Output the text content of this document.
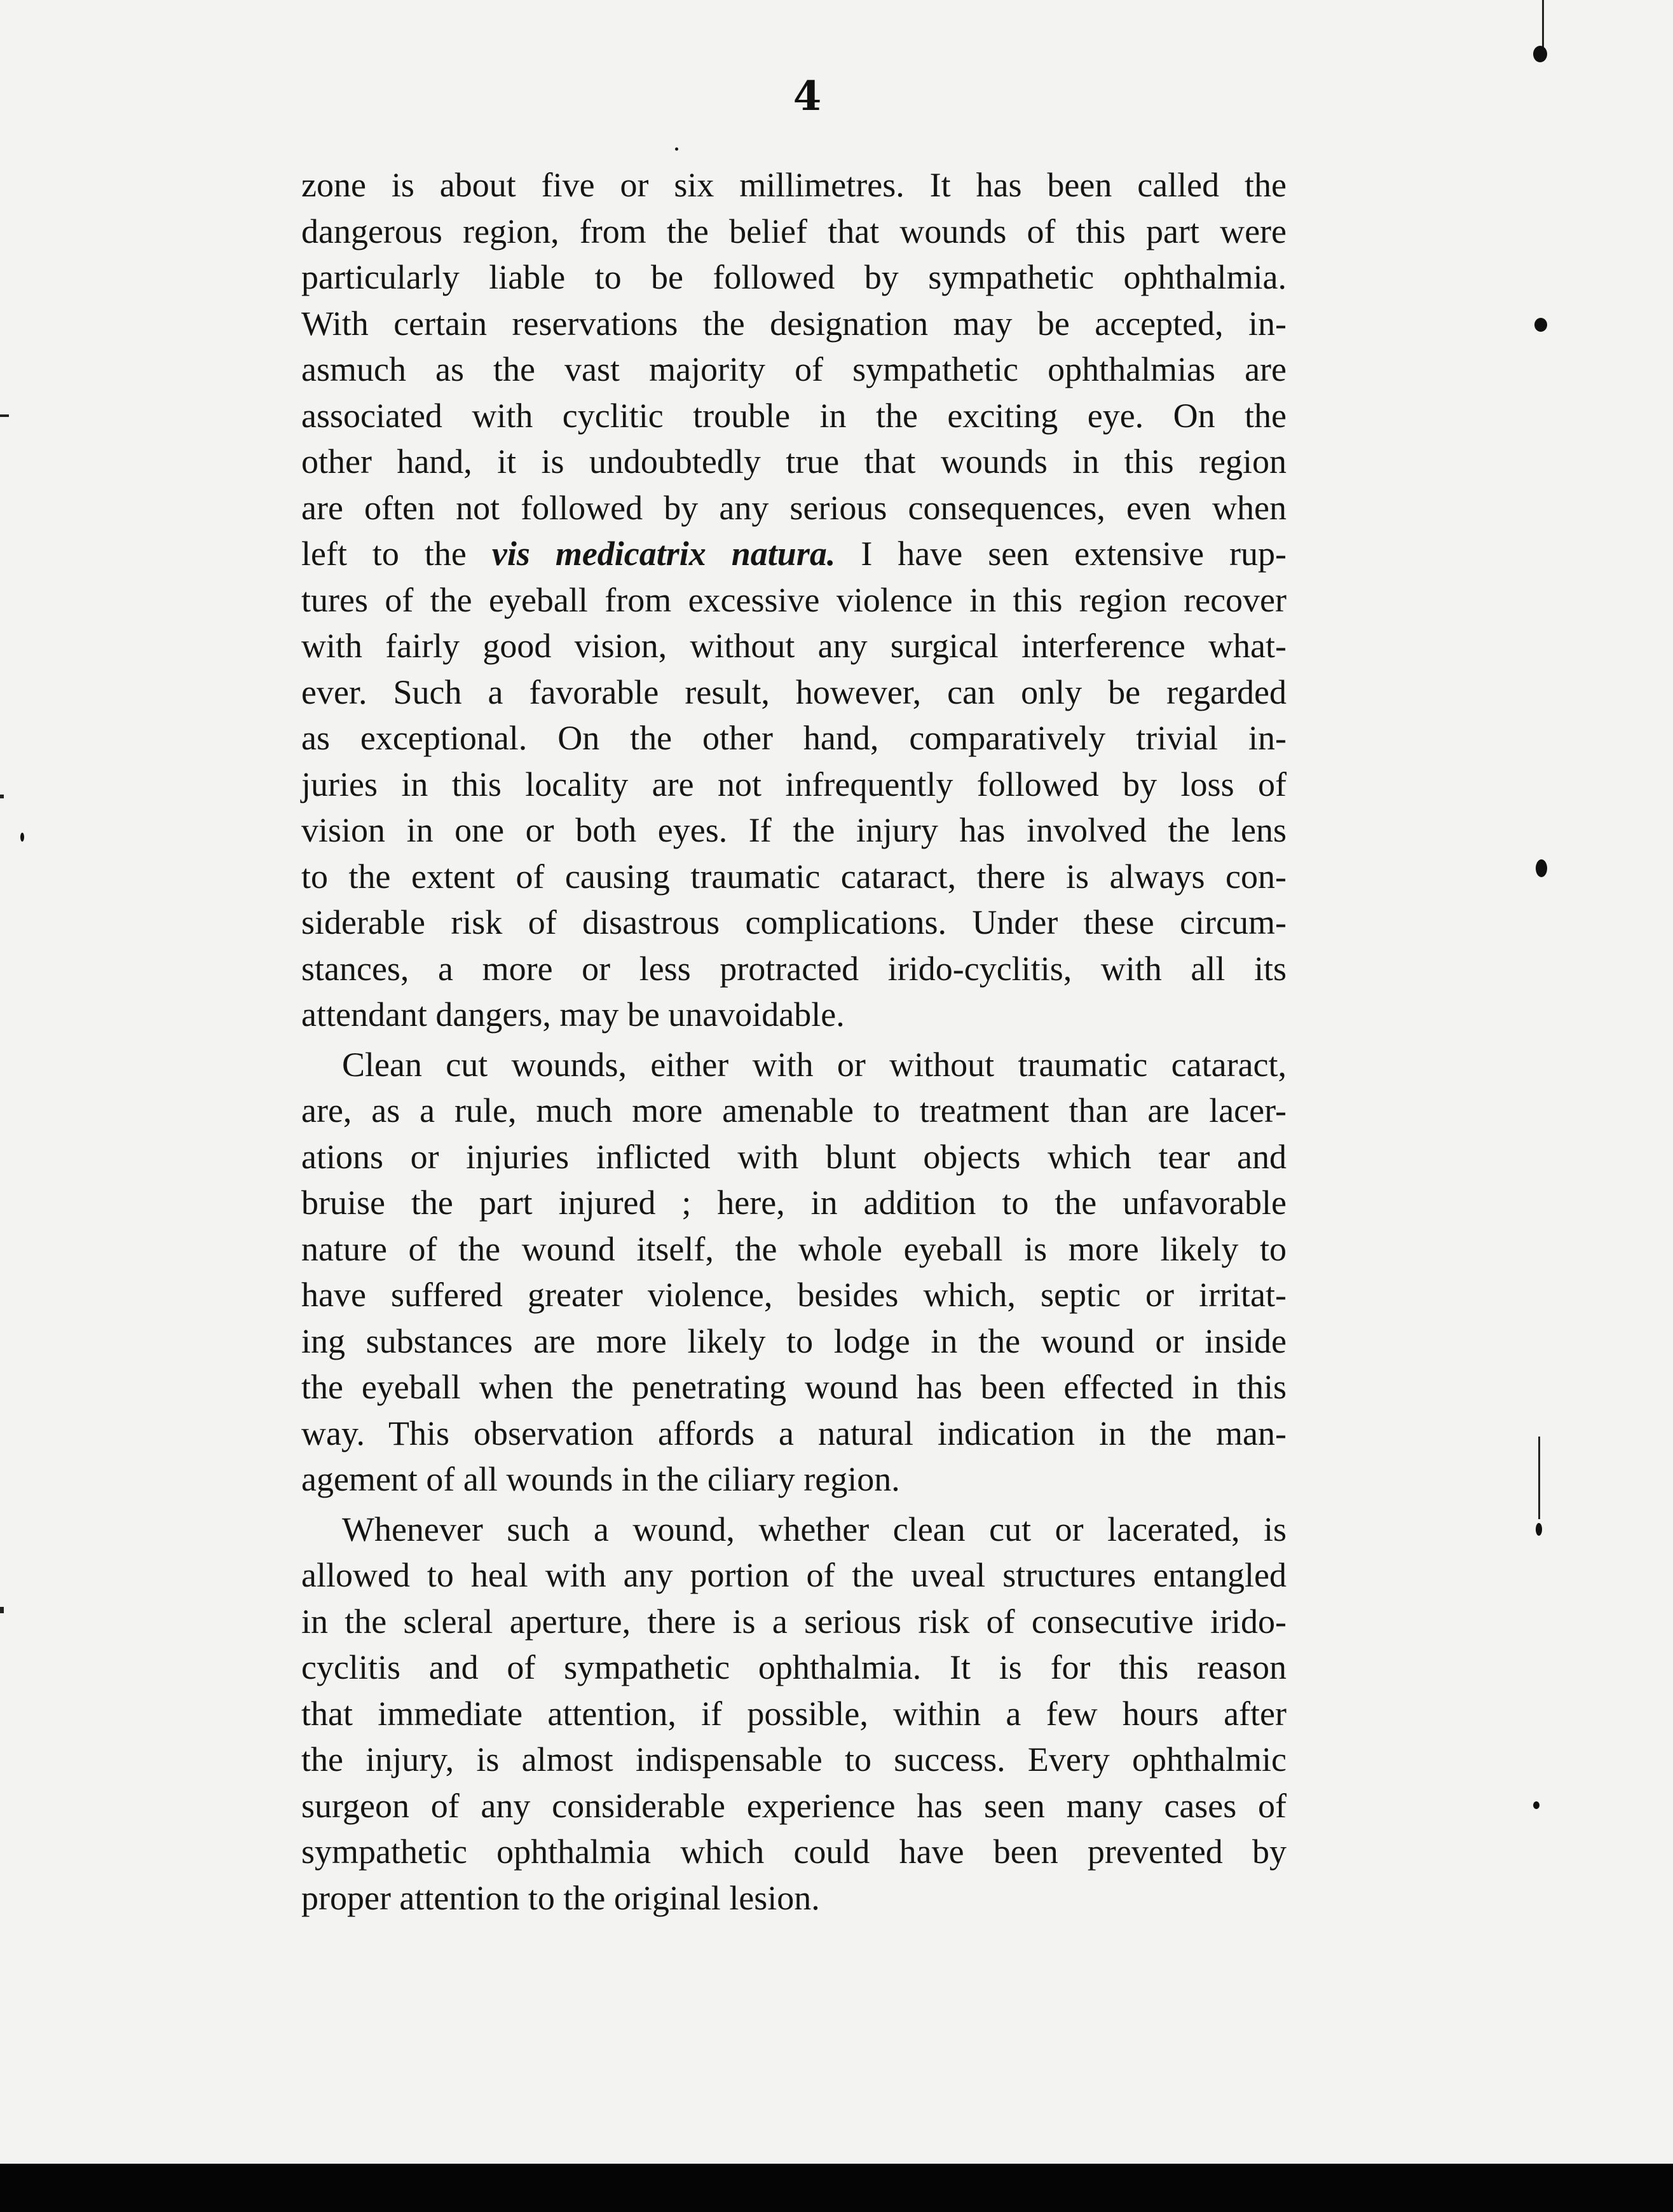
4
zone is about five or six millimetres. It has been called the
dangerous region, from the belief that wounds of this part were
particularly liable to be followed by sympathetic ophthalmia.
With certain reservations the designation may be accepted, in-
asmuch as the vast majority of sympathetic ophthalmias are
associated with cyclitic trouble in the exciting eye. On the
other hand, it is undoubtedly true that wounds in this region
are often not followed by any serious consequences, even when
left to the vis medicatrix natura. I have seen extensive rup-
tures of the eyeball from excessive violence in this region recover
with fairly good vision, without any surgical interference what-
ever. Such a favorable result, however, can only be regarded
as exceptional. On the other hand, comparatively trivial in-
juries in this locality are not infrequently followed by loss of
vision in one or both eyes. If the injury has involved the lens
to the extent of causing traumatic cataract, there is always con-
siderable risk of disastrous complications. Under these circum-
stances, a more or less protracted irido-cyclitis, with all its
attendant dangers, may be unavoidable.
Clean cut wounds, either with or without traumatic cataract,
are, as a rule, much more amenable to treatment than are lacer-
ations or injuries inflicted with blunt objects which tear and
bruise the part injured ; here, in addition to the unfavorable
nature of the wound itself, the whole eyeball is more likely to
have suffered greater violence, besides which, septic or irritat-
ing substances are more likely to lodge in the wound or inside
the eyeball when the penetrating wound has been effected in this
way. This observation affords a natural indication in the man-
agement of all wounds in the ciliary region.
Whenever such a wound, whether clean cut or lacerated, is
allowed to heal with any portion of the uveal structures entangled
in the scleral aperture, there is a serious risk of consecutive irido-
cyclitis and of sympathetic ophthalmia. It is for this reason
that immediate attention, if possible, within a few hours after
the injury, is almost indispensable to success. Every ophthalmic
surgeon of any considerable experience has seen many cases of
sympathetic ophthalmia which could have been prevented by
proper attention to the original lesion.
